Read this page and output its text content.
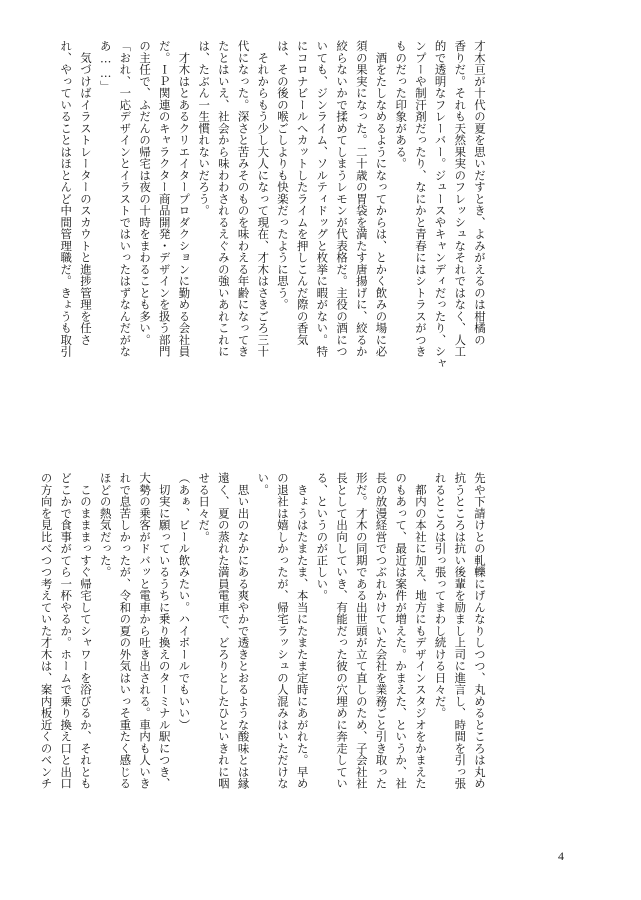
才木亘が十代の夏を思いだすとき、よみがえるのは柑橘の
香りだ。それも天然果実のフレッシュなそれではなく、人工
的で透明なフレーバー。ジュースやキャンディだったり、シャ
ンプーや制汗剤だったり、なにかと青春にはシトラスがつき
ものだった印象がある。
　酒をたしなめるようになってからは、とかく飲みの場に必
須の果実になった。二十歳の胃袋を満たす唐揚げに、絞るか
絞らないかで揉めてしまうレモンが代表格だ。主役の酒につ
いても、ジンライム、ソルティドッグと枚挙に暇がない。特
にコロナビールへカットしたライムを押しこんだ際の香気
は、その後の喉ごしよりも快楽だったように思う。
　それからもう少し大人になって現在、才木はさきごろ三十
代になった。深さと苦みそのものを味わえる年齢になってき
たとはいえ、社会から味わわされるえぐみの強いあれこれに
は、たぶん一生慣れないだろう。
　才木はとあるクリエイタープロダクションに勤める会社員
だ。ＩＰ関連のキャラクター商品開発・デザインを扱う部門
の主任で、ふだんの帰宅は夜の十時をまわることも多い。
「おれ、一応デザインとイラストではいったはずなんだがな
あ……」
　気づけばイラストレーターのスカウトと進捗管理を任さ
れ、やっていることはほとんど中間管理職だ。きょうも取引
先や下請けとの軋轢にげんなりしつつ、丸めるところは丸め
抗うところは抗い後輩を励まし上司に進言し、時間を引っ張
れるところは引っ張ってまわし続ける日々だ。
　都内の本社に加え、地方にもデザインスタジオをかまえた
のもあって、最近は案件が増えた。かまえた、というか、社
長の放漫経営でつぶれかけていた会社を業務ごと引き取った
形だ。才木の同期である出世頭が立て直しのため、子会社社
長として出向していき、有能だった彼の穴埋めに奔走してい
る、というのが正しい。
　きょうはたまたま、本当にたまたま定時にあがれた。早め
の退社は嬉しかったが、帰宅ラッシュの人混みはいただけな
い。
　思い出のなかにある爽やかで透きとおるような酸味とは縁
遠く、夏の蒸れた満員電車で、どろりとしたひといきれに咽
せる日々だ。
（あぁ、ビール飲みたい。ハイボールでもいい）
　切実に願っているうちに乗り換えのターミナル駅につき、
大勢の乗客がドバッと電車から吐き出される。車内も人いき
れで息苦しかったが、令和の夏の外気はいっそ重たく感じる
ほどの熱気だった。
　このまままっすぐ帰宅してシャワーを浴びるか、それとも
どこかで食事がてら一杯やるか。ホームで乗り換え口と出口
の方向を見比べつつ考えていた才木は、案内板近くのベンチ
4
